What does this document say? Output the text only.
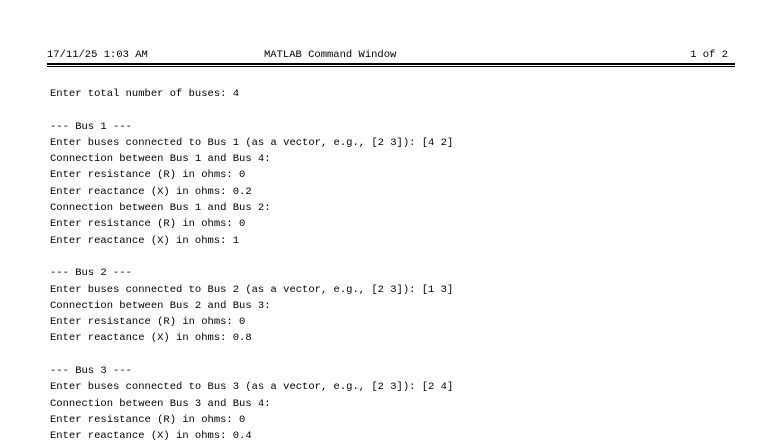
17/11/25 1:03 AM	MATLAB Command Window	1 of 2
Enter total number of buses: 4
--- Bus 1 ---
Enter buses connected to Bus 1 (as a vector, e.g., [2 3]): [4 2]
Connection between Bus 1 and Bus 4:
Enter resistance (R) in ohms: 0
Enter reactance (X) in ohms: 0.2
Connection between Bus 1 and Bus 2:
Enter resistance (R) in ohms: 0
Enter reactance (X) in ohms: 1
--- Bus 2 ---
Enter buses connected to Bus 2 (as a vector, e.g., [2 3]): [1 3]
Connection between Bus 2 and Bus 3:
Enter resistance (R) in ohms: 0
Enter reactance (X) in ohms: 0.8
--- Bus 3 ---
Enter buses connected to Bus 3 (as a vector, e.g., [2 3]): [2 4]
Connection between Bus 3 and Bus 4:
Enter resistance (R) in ohms: 0
Enter reactance (X) in ohms: 0.4
